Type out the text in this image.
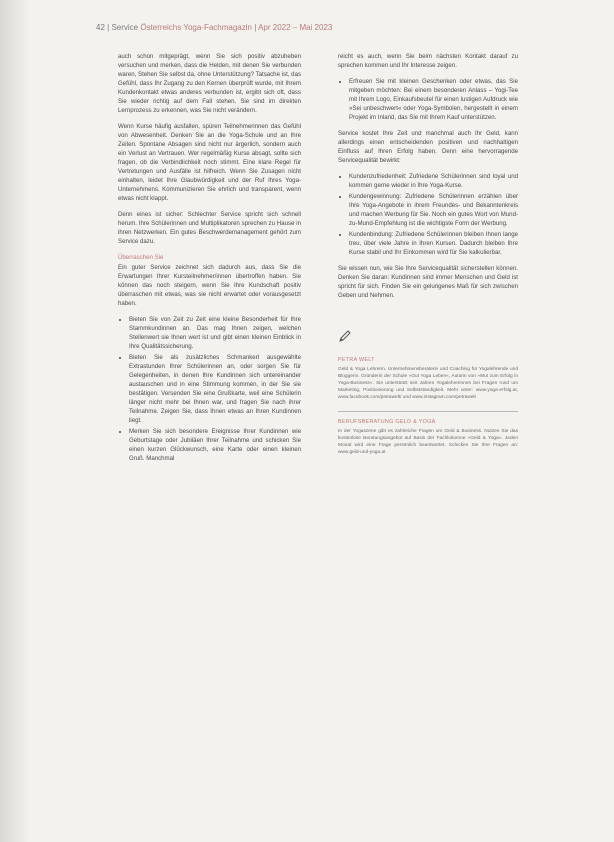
42 | Service Österreichs Yoga-Fachmagazin | Apr 2022 – Mai 2023

auch schon mitgeprägt, wenn Sie sich positiv abzuheben versuchen und merken, dass die Helden, mit denen Sie verbunden waren, Stehen Sie selbst da, ohne Unterstützung? Tatsache ist, das Gefühl, dass Ihr Zugang zu den Kernen überprüft wurde, mit Ihrem Kundenkontakt etwas anderes verbunden ist, ergibt sich oft, dass Sie wieder richtig auf dem Fall stehen. Sie sind im direkten Lernprozess zu erkennen, was Sie nicht verändern.

Wenn Kurse häufig ausfallen, spüren Teilnehmerinnen das Gefühl von Abwesenheit. Denken Sie an die Yoga-Schule und an Ihre Zeiten. Spontane Absagen sind nicht nur ärgerlich, sondern auch ein Verlust an Vertrauen. Wer regelmäßig Kurse absagt, sollte sich fragen, ob die Verbindlichkeit noch stimmt. Eine klare Regel für Vertretungen und Ausfälle ist hilfreich. Wenn Sie Zusagen nicht einhalten, leidet Ihre Glaubwürdigkeit und der Ruf Ihres Yoga-Unternehmens. Kommunizieren Sie ehrlich und transparent, wenn etwas nicht klappt.

Denn eines ist sicher: Schlechter Service spricht sich schnell herum. Ihre Schülerinnen und Multiplikatoren sprechen zu Hause in ihren Netzwerken. Ein gutes Beschwerdemanagement gehört zum Service dazu.

Überraschen Sie

Ein guter Service zeichnet sich dadurch aus, dass Sie die Erwartungen Ihrer Kursteilnehmer/innen übertroffen haben. Sie können das noch steigern, wenn Sie Ihre Kundschaft positiv überraschen mit etwas, was sie nicht erwartet oder vorausgesetzt haben.

• Bieten Sie von Zeit zu Zeit eine kleine Besonderheit für Ihre Stammkundinnen an. Das mag Ihnen zeigen, welchen Stellenwert sie Ihnen wert ist und gibt einen kleinen Einblick in Ihre Qualitätssicherung.
• Bieten Sie als zusätzliches Schmankerl ausgewählte Extrastunden Ihrer Schülerinnen an, oder sorgen Sie für Gelegenheiten, in denen Ihre Kundinnen sich untereinander austauschen und in eine Stimmung kommen, in der Sie sie bestätigen. Versenden Sie eine Grußkarte, weil eine Schülerin länger nicht mehr bei Ihnen war, und fragen Sie nach ihrer Teilnahme. Zeigen Sie, dass Ihnen etwas an Ihren Kundinnen liegt.
• Merken Sie sich besondere Ereignisse Ihrer Kundinnen wie Geburtstage oder Jubiläen Ihrer Teilnahme und schicken Sie einen kurzen Glückwunsch, eine Karte oder einen kleinen Gruß. Manchmal

reicht es auch, wenn Sie beim nächsten Kontakt darauf zu sprechen kommen und Ihr Interesse zeigen.

• Erfreuen Sie mit kleinen Geschenken oder etwas, das Sie mitgeben möchten: Bei einem besonderen Anlass – Yogi-Tee mit Ihrem Logo, Einkaufsbeutel für einen lustigen Aufdruck wie »Sei unbeschwert« oder Yoga-Symbolen, hergestellt in einem Projekt im Inland, das Sie mit Ihrem Kauf unterstützen.

Service kostet Ihre Zeit und manchmal auch Ihr Geld, kann allerdings einen entscheidenden positiven und nachhaltigen Einfluss auf Ihren Erfolg haben. Denn eine hervorragende Servicequalität bewirkt:

• Kundenzufriedenheit: Zufriedene Schülerinnen sind loyal und kommen gerne wieder in Ihre Yoga-Kurse.
• Kundengewinnung: Zufriedene Schülerinnen erzählen über Ihre Yoga-Angebote in ihrem Freundes- und Bekanntenkreis und machen Werbung für Sie. Noch ein gutes Wort von Mund-zu-Mund-Empfehlung ist die wichtigste Form der Werbung.
• Kundenbindung: Zufriedene Schülerinnen bleiben Ihnen lange treu, über viele Jahre in Ihren Kursen. Dadurch bleiben Ihre Kurse stabil und Ihr Einkommen wird für Sie kalkulierbar.

Sie wissen nun, wie Sie Ihre Servicequalität sicherstellen können. Denken Sie daran: Kundinnen sind immer Menschen und Geld ist spricht für sich. Finden Sie ein gelungenes Maß für sich zwischen Geben und Nehmen.

PETRA WELT
Geld & Yoga Lehrerin, Unternehmensberaterin und Coaching für Yogalehrende und Bloggerin. Gründerin der Schule »Gut Yoga Leben«, Autorin von »Mut zum Erfolg in Yoga-Business«. Sie unterstützt seit Jahren Yogalehrerinnen bei Fragen rund um Marketing, Positionierung und Selbstständigkeit. Mehr unter: www.yoga-erfolg.at, www.facebook.com/petrawelt/ und www.instagram.com/petrawelt
BERUFSBERATUNG GELD & YOGA
In der Yogaszene gibt es zahlreiche Fragen um Geld & Business. Nutzen Sie das kostenlose Beratungsangebot auf Basis der Fachkolumne »Geld & Yoga«. Jeden Monat wird eine Frage persönlich beantwortet. Schicken Sie Ihre Fragen an: www.geld-und-yoga.at
